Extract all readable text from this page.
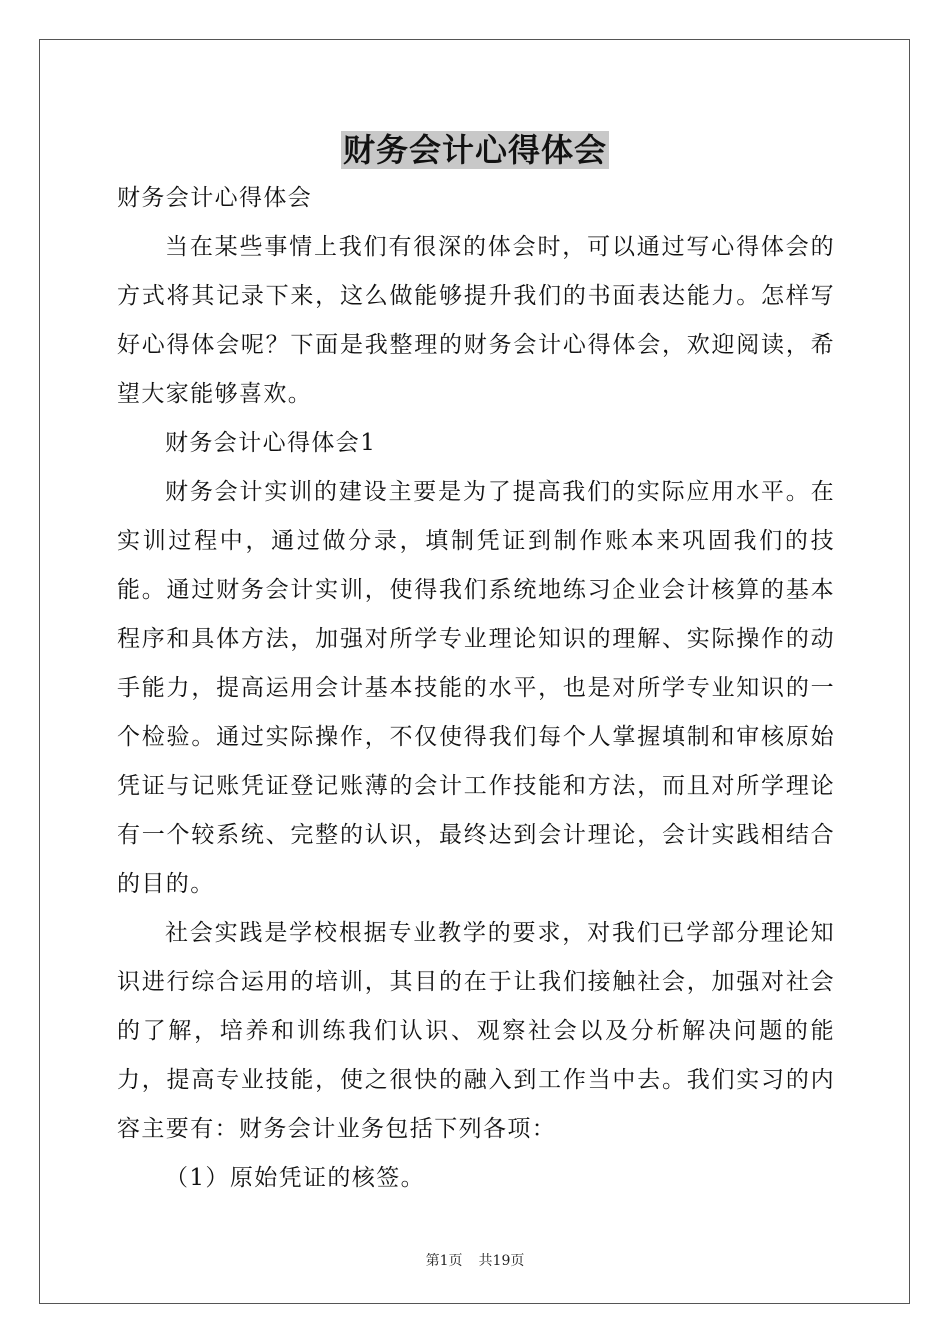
财务会计心得体会

财务会计心得体会

当在某些事情上我们有很深的体会时，可以通过写心得体会的方式将其记录下来，这么做能够提升我们的书面表达能力。怎样写好心得体会呢？下面是我整理的财务会计心得体会，欢迎阅读，希望大家能够喜欢。

财务会计心得体会1

财务会计实训的建设主要是为了提高我们的实际应用水平。在实训过程中，通过做分录，填制凭证到制作账本来巩固我们的技能。通过财务会计实训，使得我们系统地练习企业会计核算的基本程序和具体方法，加强对所学专业理论知识的理解、实际操作的动手能力，提高运用会计基本技能的水平，也是对所学专业知识的一个检验。通过实际操作，不仅使得我们每个人掌握填制和审核原始凭证与记账凭证登记账薄的会计工作技能和方法，而且对所学理论有一个较系统、完整的认识，最终达到会计理论，会计实践相结合的目的。

社会实践是学校根据专业教学的要求，对我们已学部分理论知识进行综合运用的培训，其目的在于让我们接触社会，加强对社会的了解，培养和训练我们认识、观察社会以及分析解决问题的能力，提高专业技能，使之很快的融入到工作当中去。我们实习的内容主要有：财务会计业务包括下列各项：

（1）原始凭证的核签。

第1页 共19页
